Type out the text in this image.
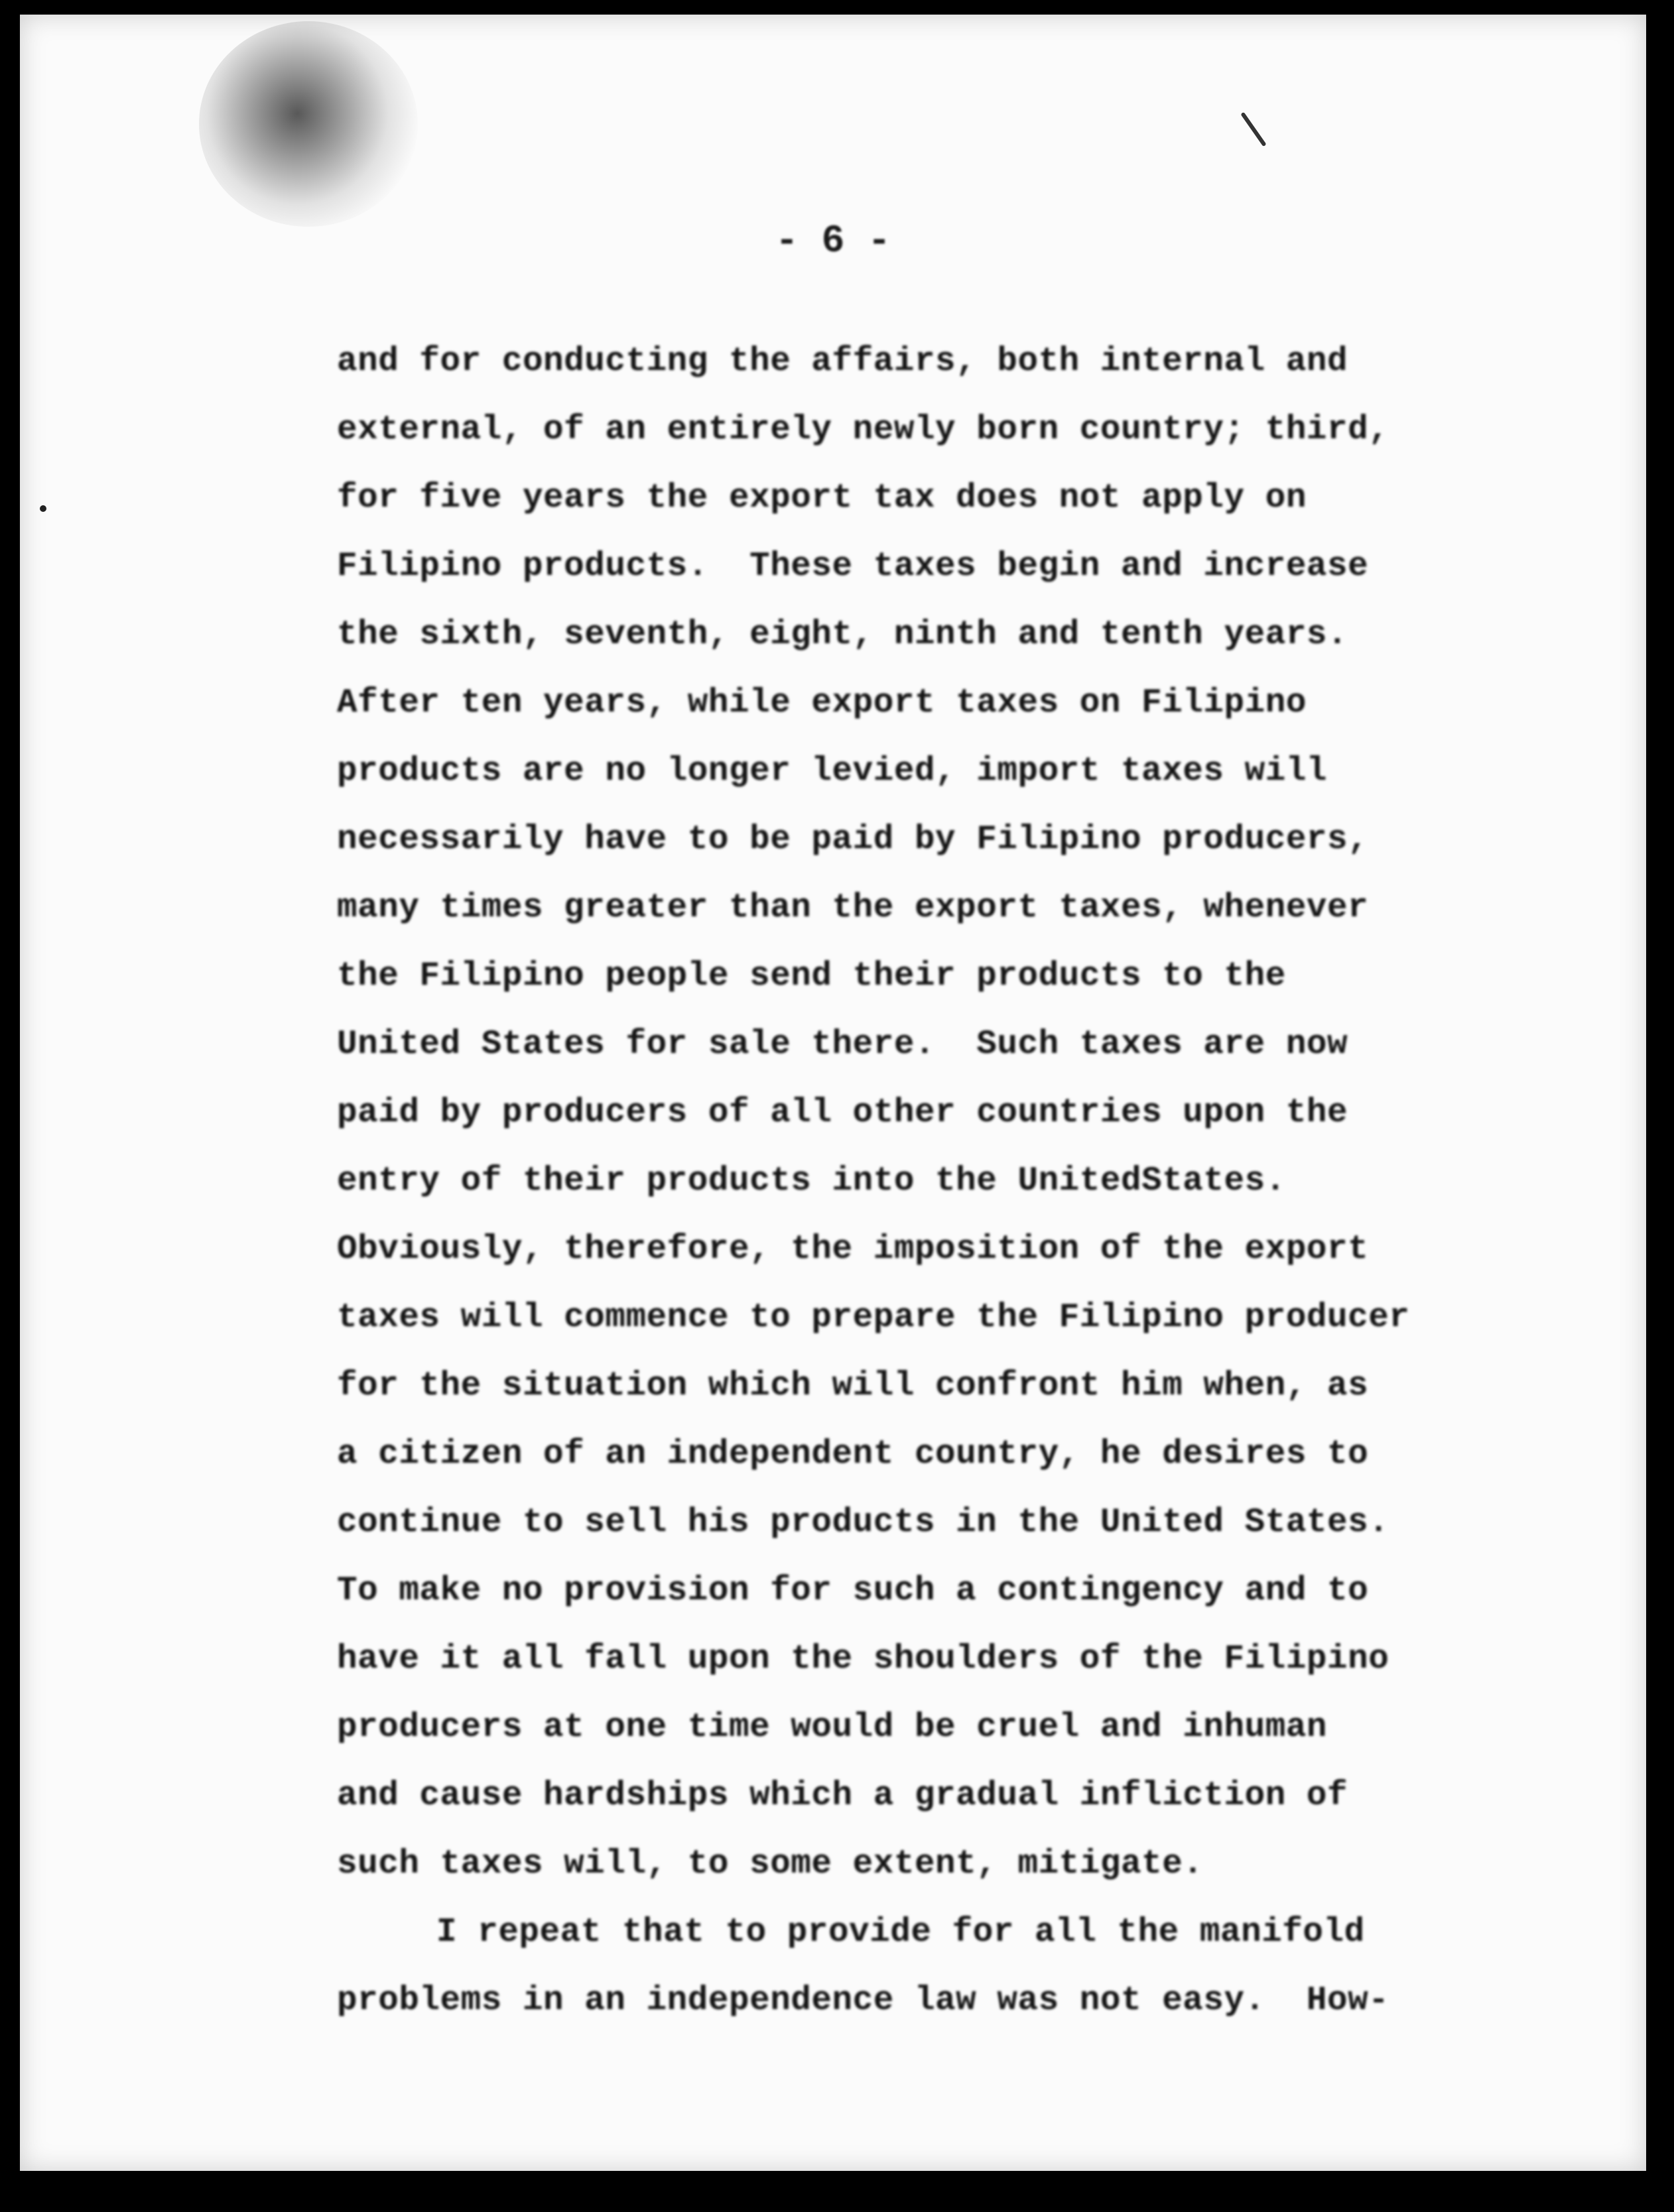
- 6 -
and for conducting the affairs, both internal and
external, of an entirely newly born country; third,
for five years the export tax does not apply on
Filipino products.  These taxes begin and increase
the sixth, seventh, eight, ninth and tenth years.
After ten years, while export taxes on Filipino
products are no longer levied, import taxes will
necessarily have to be paid by Filipino producers,
many times greater than the export taxes, whenever
the Filipino people send their products to the
United States for sale there.  Such taxes are now
paid by producers of all other countries upon the
entry of their products into the UnitedStates.
Obviously, therefore, the imposition of the export
taxes will commence to prepare the Filipino producer
for the situation which will confront him when, as
a citizen of an independent country, he desires to
continue to sell his products in the United States.
To make no provision for such a contingency and to
have it all fall upon the shoulders of the Filipino
producers at one time would be cruel and inhuman
and cause hardships which a gradual infliction of
such taxes will, to some extent, mitigate.
I repeat that to provide for all the manifold
problems in an independence law was not easy.  How-
